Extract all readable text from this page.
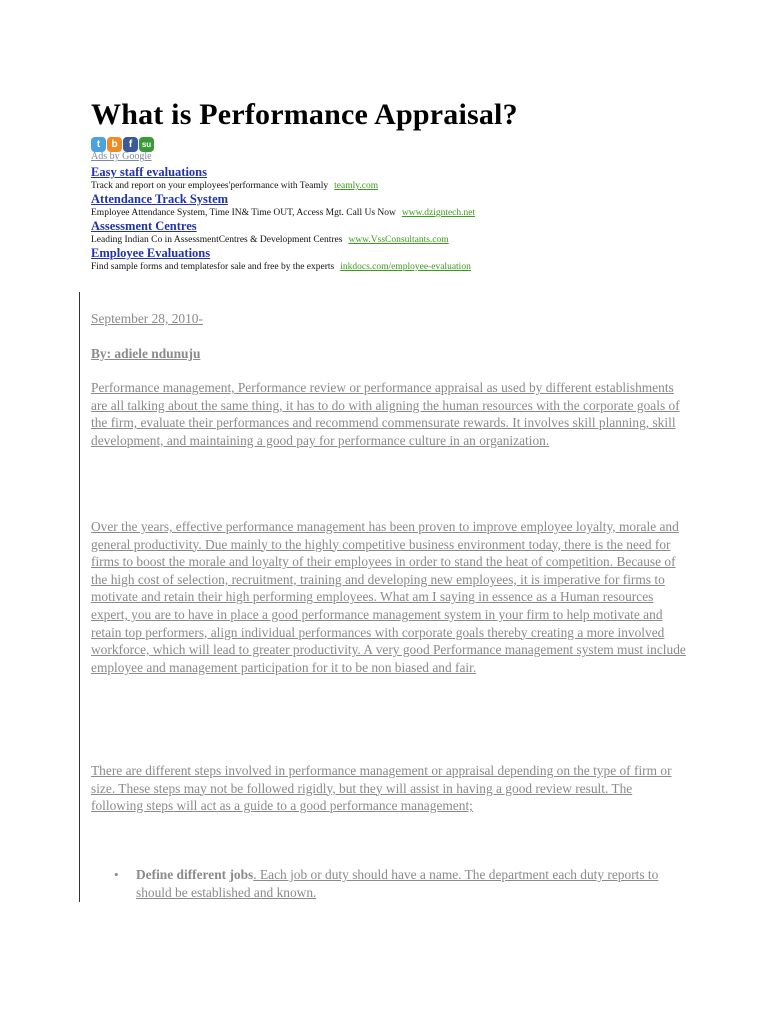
What is Performance Appraisal?
t	b	f	su
Ads by Google
Easy staff evaluations
Track and report on your employees'performance with Teamly teamly.com
Attendance Track System
Employee Attendance System, Time IN& Time OUT, Access Mgt. Call Us Now www.dzigntech.net
Assessment Centres
Leading Indian Co in AssessmentCentres & Development Centres www.VssConsultants.com
Employee Evaluations
Find sample forms and templatesfor sale and free by the experts inkdocs.com/employee-evaluation
September 28, 2010-
By: adiele ndunuju
Performance management, Performance review or performance appraisal as used by different establishments are all talking about the same thing, it has to do with aligning the human resources with the corporate goals of the firm, evaluate their performances and recommend commensurate rewards. It involves skill planning, skill development, and maintaining a good pay for performance culture in an organization.
Over the years, effective performance management has been proven to improve employee loyalty, morale and general productivity. Due mainly to the highly competitive business environment today, there is the need for firms to boost the morale and loyalty of their employees in order to stand the heat of competition. Because of the high cost of selection, recruitment, training and developing new employees, it is imperative for firms to motivate and retain their high performing employees. What am I saying in essence as a Human resources expert, you are to have in place a good performance management system in your firm to help motivate and retain top performers, align individual performances with corporate goals thereby creating a more involved workforce, which will lead to greater productivity. A very good Performance management system must include employee and management participation for it to be non biased and fair.
There are different steps involved in performance management or appraisal depending on the type of firm or size. These steps may not be followed rigidly, but they will assist in having a good review result. The following steps will act as a guide to a good performance management;
• Define different jobs. Each job or duty should have a name. The department each duty reports to should be established and known.
